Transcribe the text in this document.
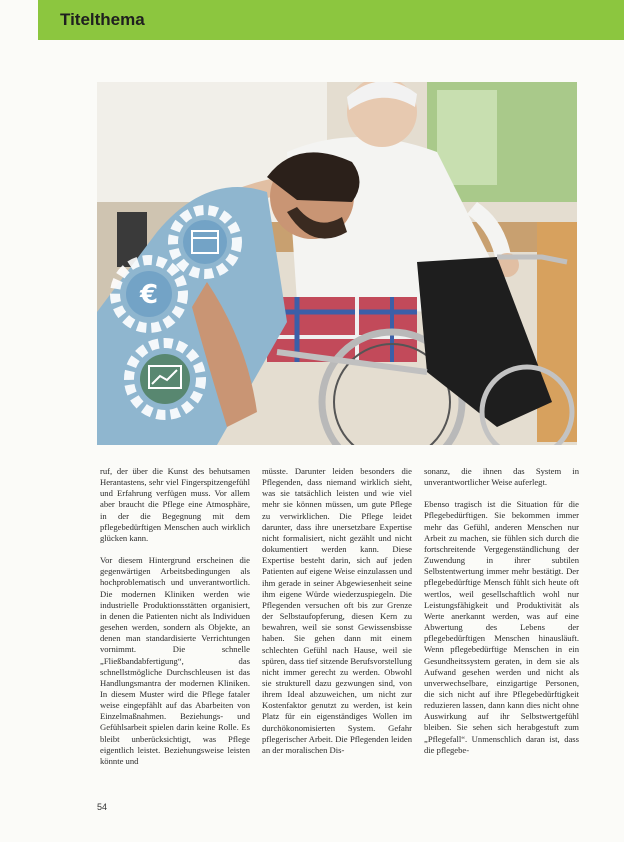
Titelthema
€

ruf, der über die Kunst des behutsamen Herantastens, sehr viel Fingerspitzengefühl und Erfahrung verfügen muss. Vor allem aber braucht die Pflege eine Atmosphäre, in der die Begegnung mit dem pflegebedürftigen Menschen auch wirklich glücken kann.

Vor diesem Hintergrund erscheinen die gegenwärtigen Arbeitsbedingungen als hochproblematisch und unverantwortlich. Die modernen Kliniken werden wie industrielle Produktionsstätten organisiert, in denen die Patienten nicht als Individuen gesehen werden, sondern als Objekte, an denen man standardisierte Verrichtungen vornimmt. Die schnelle „Fließbandabfertigung“, das schnellstmögliche Durchschleusen ist das Handlungsmantra der modernen Kliniken. In diesem Muster wird die Pflege fataler weise eingepfählt auf das Abarbeiten von Einzelmaßnahmen. Beziehungs- und Gefühlsarbeit spielen darin keine Rolle. Es bleibt unberücksichtigt, was Pflege eigentlich leistet. Beziehungsweise leisten könnte und

müsste. Darunter leiden besonders die Pflegenden, dass niemand wirklich sieht, was sie tatsächlich leisten und wie viel mehr sie können müssen, um gute Pflege zu verwirklichen. Die Pflege leidet darunter, dass ihre unersetzbare Expertise nicht formalisiert, nicht gezählt und nicht dokumentiert werden kann. Diese Expertise besteht darin, sich auf jeden Patienten auf eigene Weise einzulassen und ihm gerade in seiner Abgewiesenheit seine ihm eigene Würde wiederzuspiegeln. Die Pflegenden versuchen oft bis zur Grenze der Selbstaufopferung, diesen Kern zu bewahren, weil sie sonst Gewissensbisse haben. Sie gehen dann mit einem schlechten Gefühl nach Hause, weil sie spüren, dass tief sitzende Berufsvorstellung nicht immer gerecht zu werden. Obwohl sie strukturell dazu gezwungen sind, von ihrem Ideal abzuweichen, um nicht zur Kostenfaktor genutzt zu werden, ist kein Platz für ein eigenständiges Wollen im durchökonomisierten System. Gefahr pflegerischer Arbeit. Die Pflegenden leiden an der moralischen Dis-

sonanz, die ihnen das System in unverantwortlicher Weise auferlegt.

Ebenso tragisch ist die Situation für die Pflegebedürftigen. Sie bekommen immer mehr das Gefühl, anderen Menschen nur Arbeit zu machen, sie fühlen sich durch die fortschreitende Vergegenständlichung der Zuwendung in ihrer subtilen Selbstentwertung immer mehr bestätigt. Der pflegebedürftige Mensch fühlt sich heute oft wertlos, weil gesellschaftlich wohl nur Leistungsfähigkeit und Produktivität als Werte anerkannt werden, was auf eine Abwertung des Lebens der pflegebedürftigen Menschen hinausläuft. Wenn pflegebedürftige Menschen in ein Gesundheitssystem geraten, in dem sie als Aufwand gesehen werden und nicht als unverwechselbare, einzigartige Personen, die sich nicht auf ihre Pflegebedürftigkeit reduzieren lassen, dann kann dies nicht ohne Auswirkung auf ihr Selbstwertgefühl bleiben. Sie sehen sich herabgestuft zum „Pflegefall“. Unmenschlich daran ist, dass die pflegebe-

54
